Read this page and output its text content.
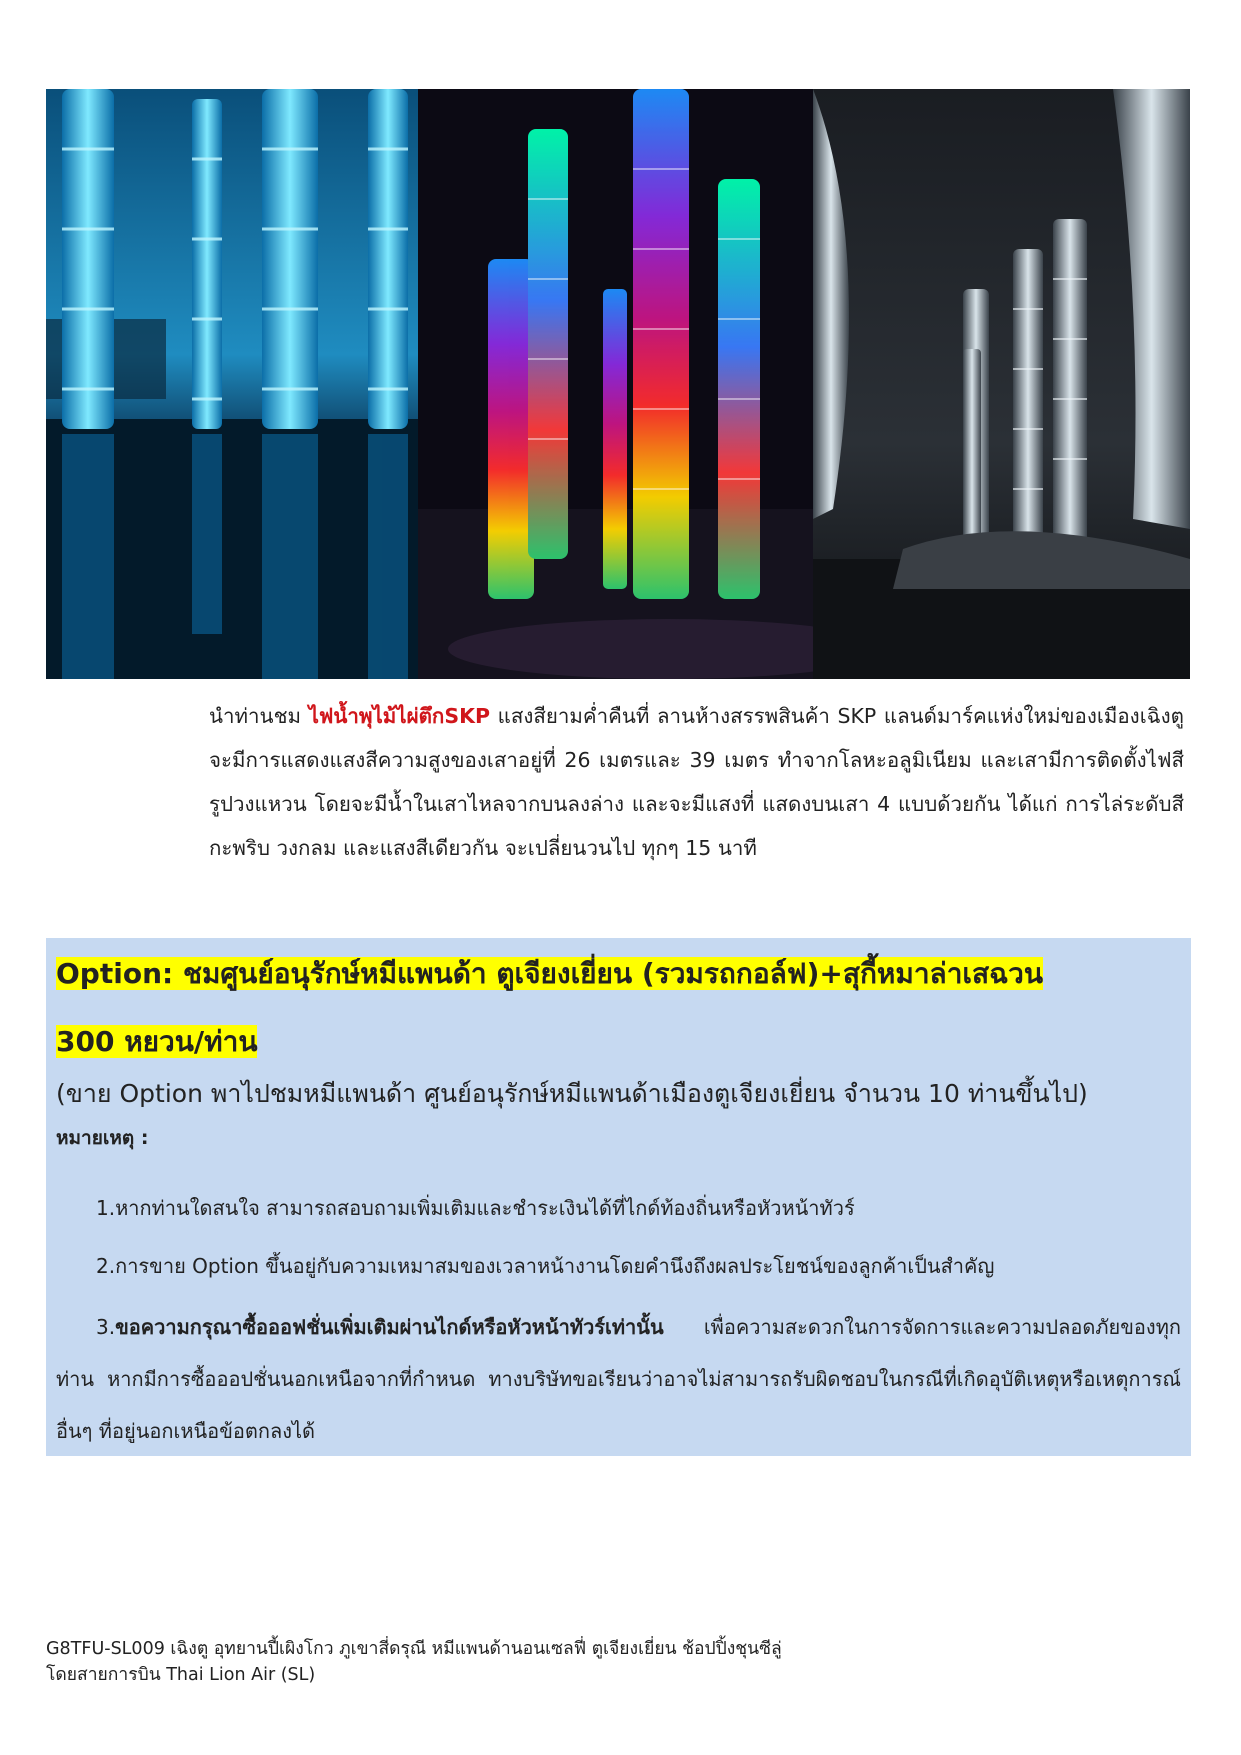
นำท่านชม ไฟน้ำพุไม้ไผ่ตึกSKP แสงสียามค่ำคืนที่ ลานห้างสรรพสินค้า SKP แลนด์มาร์คแห่งใหม่ของเมืองเฉิงตู จะมีการแสดงแสงสีความสูงของเสาอยู่ที่ 26 เมตรและ 39 เมตร ทำจากโลหะอลูมิเนียม และเสามีการติดตั้งไฟสีรูปวงแหวน โดยจะมีน้ำในเสาไหลจากบนลงล่าง และจะมีแสงที่ แสดงบนเสา 4 แบบด้วยกัน ได้แก่ การไล่ระดับสีกะพริบ วงกลม และแสงสีเดียวกัน จะเปลี่ยนวนไป ทุกๆ 15 นาที
Option: ชมศูนย์อนุรักษ์หมีแพนด้า ตูเจียงเยี่ยน (รวมรถกอล์ฟ)+สุกี้หมาล่าเสฉวน
300 หยวน/ท่าน
(ขาย Option พาไปชมหมีแพนด้า ศูนย์อนุรักษ์หมีแพนด้าเมืองตูเจียงเยี่ยน จำนวน 10 ท่านขึ้นไป)
หมายเหตุ :
1.หากท่านใดสนใจ สามารถสอบถามเพิ่มเติมและชำระเงินได้ที่ไกด์ท้องถิ่นหรือหัวหน้าทัวร์
2.การขาย Option ขึ้นอยู่กับความเหมาสมของเวลาหน้างานโดยคำนึงถึงผลประโยชน์ของลูกค้าเป็นสำคัญ
3.ขอความกรุณาซื้อออฟชั่นเพิ่มเติมผ่านไกด์หรือหัวหน้าทัวร์เท่านั้น เพื่อความสะดวกในการจัดการและความปลอดภัยของทุกท่าน หากมีการซื้อออปชั่นนอกเหนือจากที่กำหนด ทางบริษัทขอเรียนว่าอาจไม่สามารถรับผิดชอบในกรณีที่เกิดอุบัติเหตุหรือเหตุการณ์อื่นๆ ที่อยู่นอกเหนือข้อตกลงได้
G8TFU-SL009 เฉิงตู อุทยานปี้เผิงโกว ภูเขาสี่ดรุณี หมีแพนด้านอนเซลฟี่ ตูเจียงเยี่ยน ช้อปปิ้งชุนซีลู่
โดยสายการบิน Thai Lion Air (SL)
